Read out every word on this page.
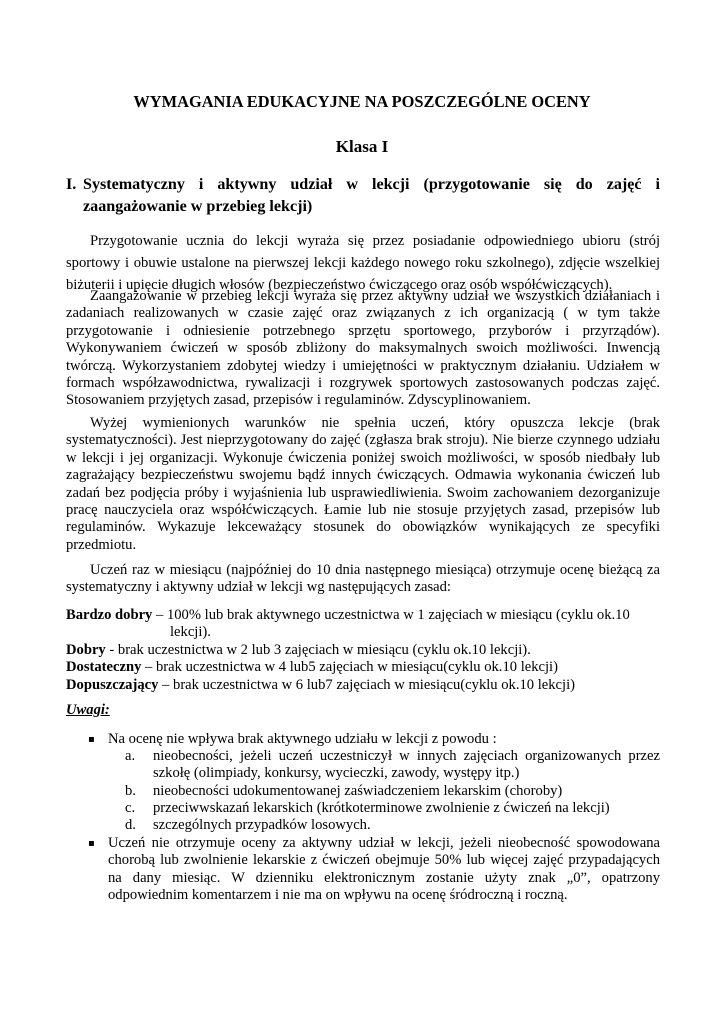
WYMAGANIA EDUKACYJNE NA POSZCZEGÓLNE OCENY
Klasa I
I. Systematyczny i aktywny udział w lekcji (przygotowanie się do zajęć i zaangażowanie w przebieg lekcji)
Przygotowanie ucznia do lekcji wyraża się przez posiadanie odpowiedniego ubioru (strój
sportowy i obuwie ustalone na pierwszej lekcji każdego nowego roku szkolnego), zdjęcie wszelkiej
biżuterii i upięcie długich włosów (bezpieczeństwo ćwiczącego oraz osób współćwiczących).
Zaangażowanie w przebieg lekcji wyraża się przez aktywny udział we wszystkich działaniach i
zadaniach realizowanych w czasie zajęć oraz związanych z ich organizacją ( w tym także
przygotowanie i odniesienie potrzebnego sprzętu sportowego, przyborów i przyrządów).
Wykonywaniem ćwiczeń w sposób zbliżony do maksymalnych swoich możliwości. Inwencją
twórczą. Wykorzystaniem zdobytej wiedzy i umiejętności w praktycznym działaniu. Udziałem w
formach współzawodnictwa, rywalizacji i rozgrywek sportowych zastosowanych podczas zajęć.
Stosowaniem przyjętych zasad, przepisów i regulaminów. Zdyscyplinowaniem.
Wyżej wymienionych warunków nie spełnia uczeń, który opuszcza lekcje (brak
systematyczności). Jest nieprzygotowany do zajęć (zgłasza brak stroju). Nie bierze czynnego udziału
w lekcji i jej organizacji. Wykonuje ćwiczenia poniżej swoich możliwości, w sposób niedbały lub
zagrażający bezpieczeństwu swojemu bądź innych ćwiczących. Odmawia wykonania ćwiczeń lub
zadań bez podjęcia próby i wyjaśnienia lub usprawiedliwienia. Swoim zachowaniem dezorganizuje
pracę nauczyciela oraz współćwiczących. Łamie lub nie stosuje przyjętych zasad, przepisów lub
regulaminów. Wykazuje lekceważący stosunek do obowiązków wynikających ze specyfiki
przedmiotu.
Uczeń raz w miesiącu (najpóźniej do 10 dnia następnego miesiąca) otrzymuje ocenę bieżącą za
systematyczny i aktywny udział w lekcji wg następujących zasad:
Bardzo dobry – 100% lub brak aktywnego uczestnictwa w 1 zajęciach w miesiącu (cyklu ok.10
lekcji).
Dobry - brak uczestnictwa w 2 lub 3 zajęciach w miesiącu (cyklu ok.10 lekcji).
Dostateczny – brak uczestnictwa w 4 lub5 zajęciach w miesiącu(cyklu ok.10 lekcji)
Dopuszczający – brak uczestnictwa w 6 lub7 zajęciach w miesiącu(cyklu ok.10 lekcji)
Uwagi:
▪ Na ocenę nie wpływa brak aktywnego udziału w lekcji z powodu :
a. nieobecności, jeżeli uczeń uczestniczył w innych zajęciach organizowanych przez
szkołę (olimpiady, konkursy, wycieczki, zawody, występy itp.)
b. nieobecności udokumentowanej zaświadczeniem lekarskim (choroby)
c. przeciwwskazań lekarskich (krótkoterminowe zwolnienie z ćwiczeń na lekcji)
d. szczególnych przypadków losowych.
▪ Uczeń nie otrzymuje oceny za aktywny udział w lekcji, jeżeli nieobecność spowodowana
chorobą lub zwolnienie lekarskie z ćwiczeń obejmuje 50% lub więcej zajęć przypadających
na dany miesiąc. W dzienniku elektronicznym zostanie użyty znak „0”, opatrzony
odpowiednim komentarzem i nie ma on wpływu na ocenę śródroczną i roczną.
